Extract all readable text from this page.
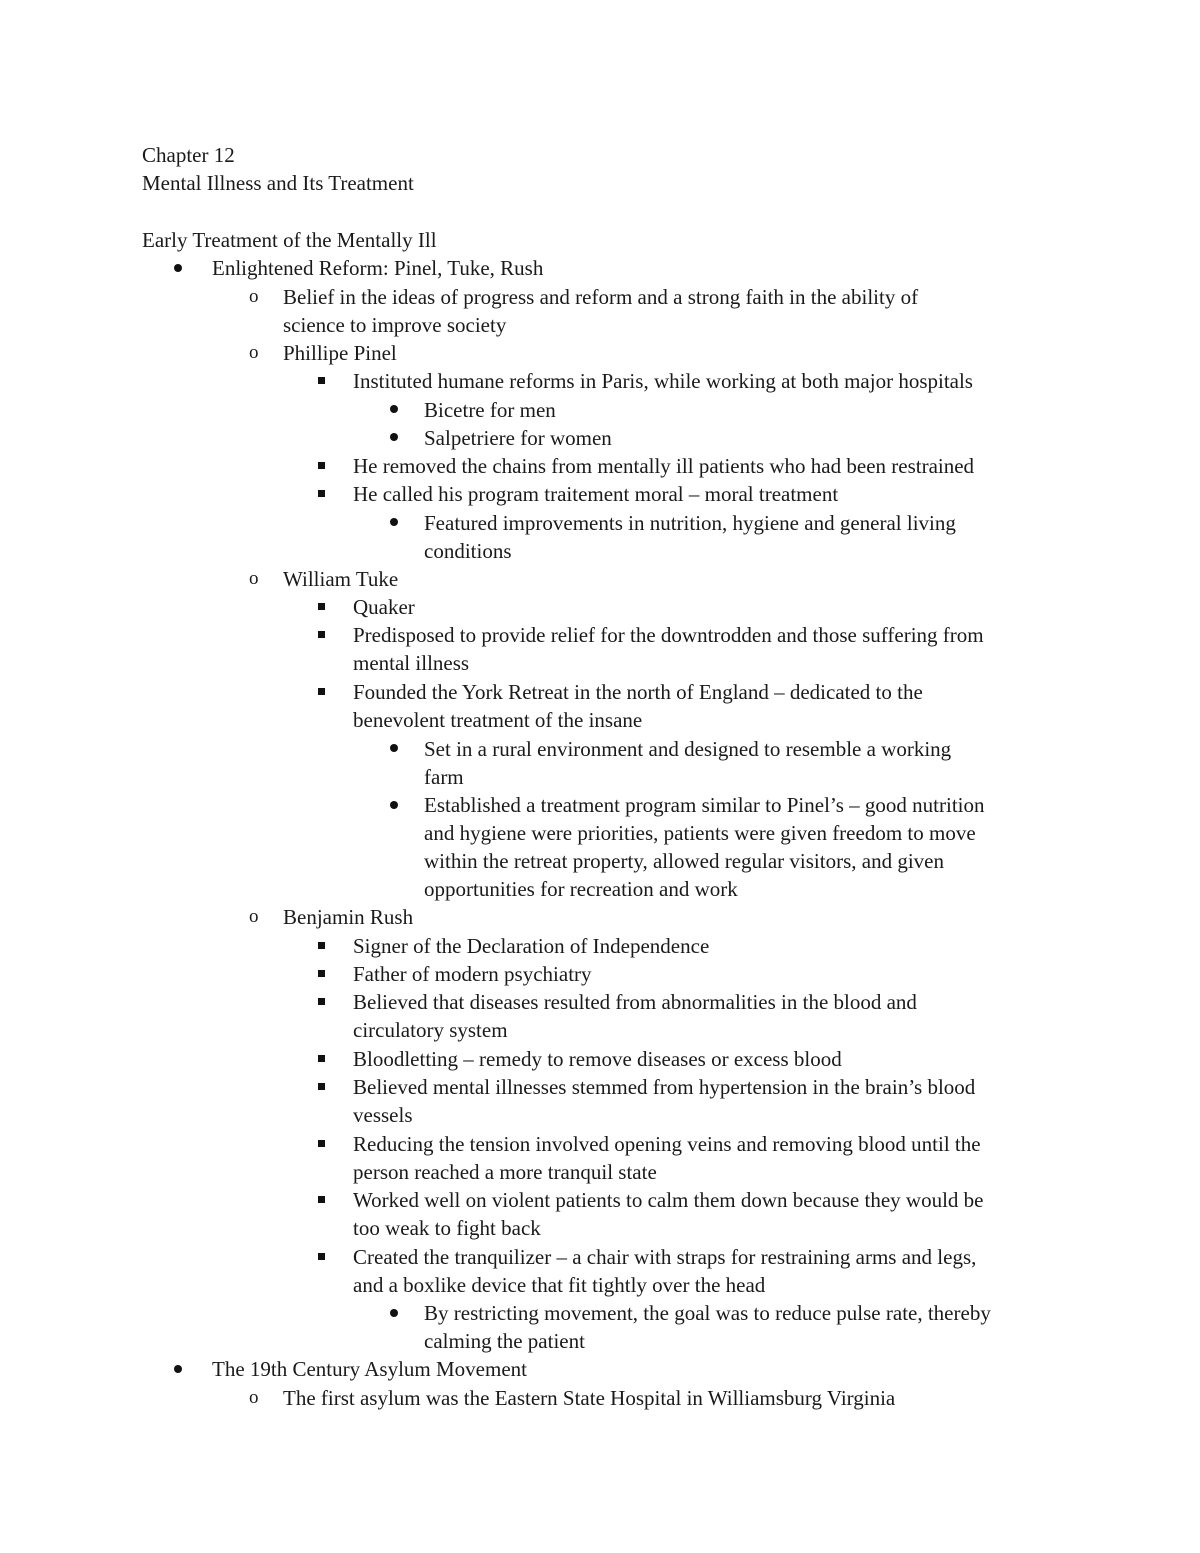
Chapter 12
Mental Illness and Its Treatment
Early Treatment of the Mentally Ill
Enlightened Reform: Pinel, Tuke, Rush
o Belief in the ideas of progress and reform and a strong faith in the ability of
science to improve society
o Phillipe Pinel
Instituted humane reforms in Paris, while working at both major hospitals
Bicetre for men
Salpetriere for women
He removed the chains from mentally ill patients who had been restrained
He called his program traitement moral – moral treatment
Featured improvements in nutrition, hygiene and general living
conditions
o William Tuke
Quaker
Predisposed to provide relief for the downtrodden and those suffering from
mental illness
Founded the York Retreat in the north of England – dedicated to the
benevolent treatment of the insane
Set in a rural environment and designed to resemble a working
farm
Established a treatment program similar to Pinel’s – good nutrition
and hygiene were priorities, patients were given freedom to move
within the retreat property, allowed regular visitors, and given
opportunities for recreation and work
o Benjamin Rush
Signer of the Declaration of Independence
Father of modern psychiatry
Believed that diseases resulted from abnormalities in the blood and
circulatory system
Bloodletting – remedy to remove diseases or excess blood
Believed mental illnesses stemmed from hypertension in the brain’s blood
vessels
Reducing the tension involved opening veins and removing blood until the
person reached a more tranquil state
Worked well on violent patients to calm them down because they would be
too weak to fight back
Created the tranquilizer – a chair with straps for restraining arms and legs,
and a boxlike device that fit tightly over the head
By restricting movement, the goal was to reduce pulse rate, thereby
calming the patient
The 19th Century Asylum Movement
o The first asylum was the Eastern State Hospital in Williamsburg Virginia
